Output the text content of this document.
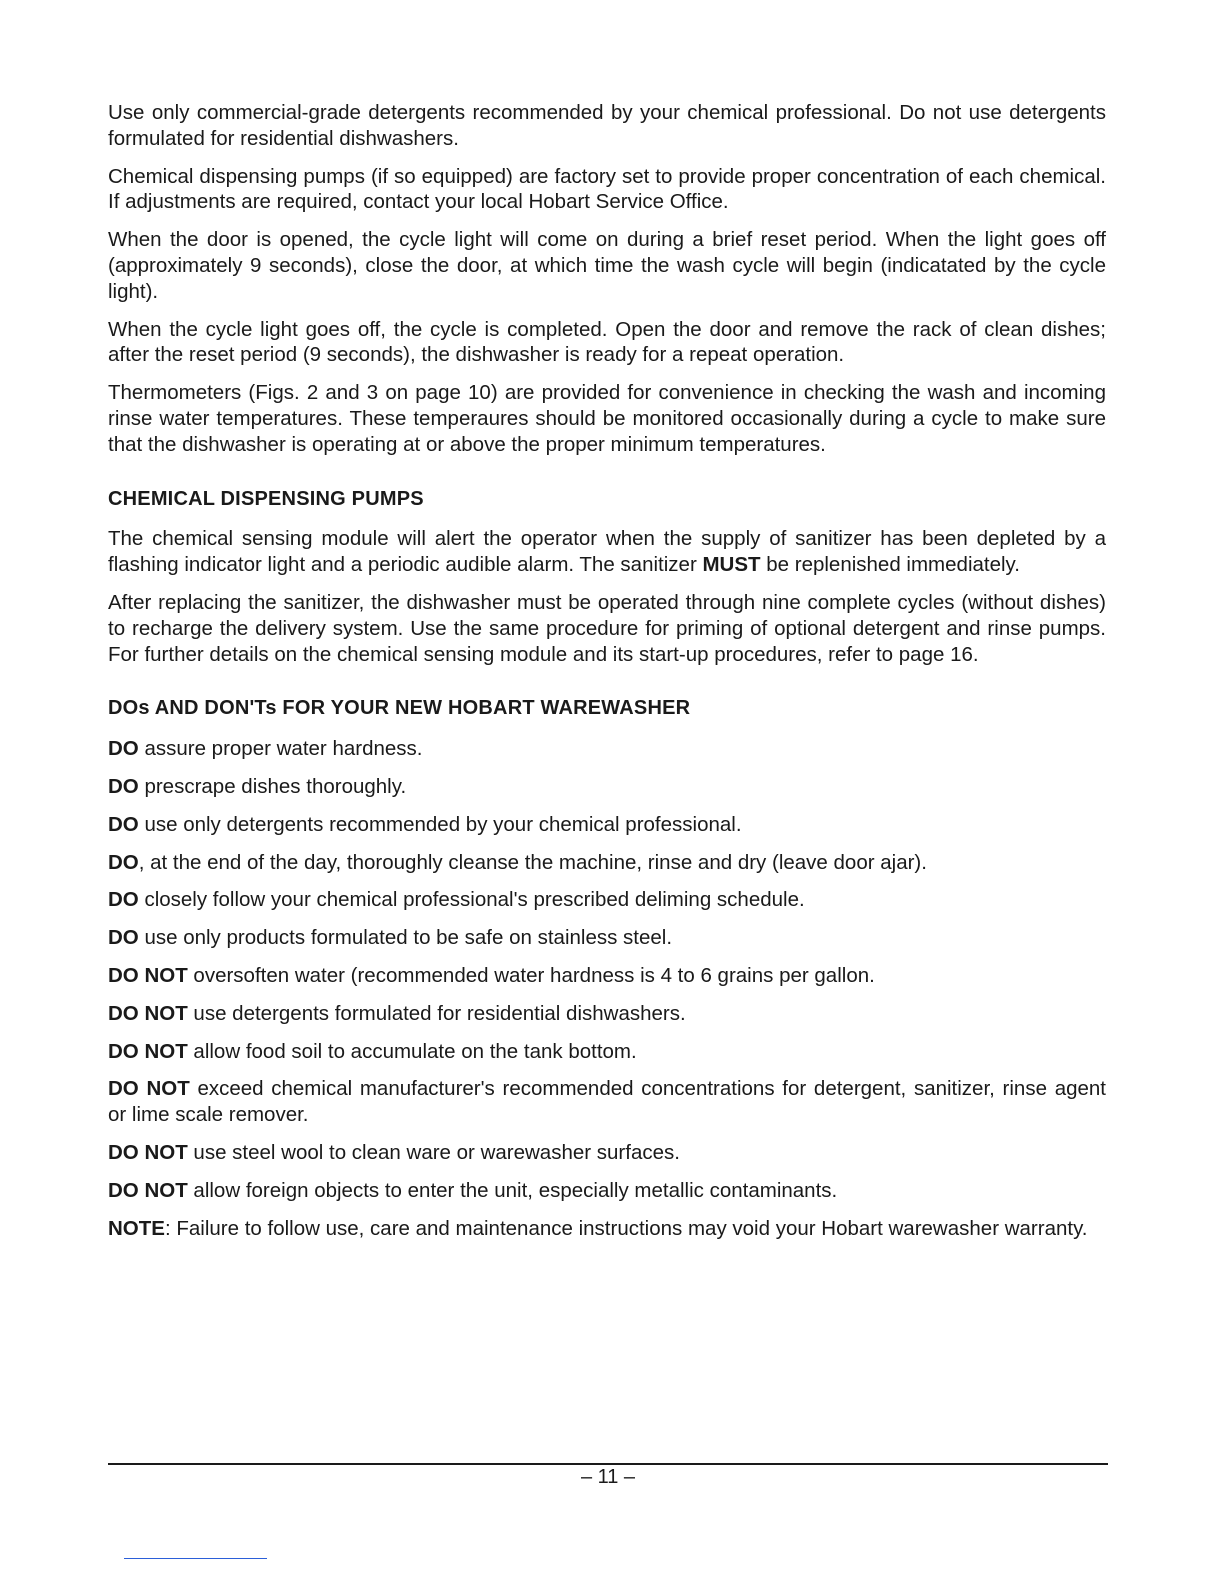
Use only commercial-grade detergents recommended by your chemical professional. Do not use detergents formulated for residential dishwashers.

Chemical dispensing pumps (if so equipped) are factory set to provide proper concentration of each chemical. If adjustments are required, contact your local Hobart Service Office.

When the door is opened, the cycle light will come on during a brief reset period. When the light goes off (approximately 9 seconds), close the door, at which time the wash cycle will begin (indicatated by the cycle light).

When the cycle light goes off, the cycle is completed. Open the door and remove the rack of clean dishes; after the reset period (9 seconds), the dishwasher is ready for a repeat operation.

Thermometers (Figs. 2 and 3 on page 10) are provided for convenience in checking the wash and incoming rinse water temperatures. These temperaures should be monitored occasionally during a cycle to make sure that the dishwasher is operating at or above the proper minimum temperatures.

CHEMICAL DISPENSING PUMPS

The chemical sensing module will alert the operator when the supply of sanitizer has been depleted by a flashing indicator light and a periodic audible alarm. The sanitizer MUST be replenished immediately.

After replacing the sanitizer, the dishwasher must be operated through nine complete cycles (without dishes) to recharge the delivery system. Use the same procedure for priming of optional detergent and rinse pumps. For further details on the chemical sensing module and its start-up procedures, refer to page 16.

DOs AND DON'Ts FOR YOUR NEW HOBART WAREWASHER

DO assure proper water hardness.

DO prescrape dishes thoroughly.

DO use only detergents recommended by your chemical professional.

DO, at the end of the day, thoroughly cleanse the machine, rinse and dry (leave door ajar).

DO closely follow your chemical professional's prescribed deliming schedule.

DO use only products formulated to be safe on stainless steel.

DO NOT oversoften water (recommended water hardness is 4 to 6 grains per gallon.

DO NOT use detergents formulated for residential dishwashers.

DO NOT allow food soil to accumulate on the tank bottom.

DO NOT exceed chemical manufacturer's recommended concentrations for detergent, sanitizer, rinse agent or lime scale remover.

DO NOT use steel wool to clean ware or warewasher surfaces.

DO NOT allow foreign objects to enter the unit, especially metallic contaminants.

NOTE: Failure to follow use, care and maintenance instructions may void your Hobart warewasher warranty.

– 11 –
